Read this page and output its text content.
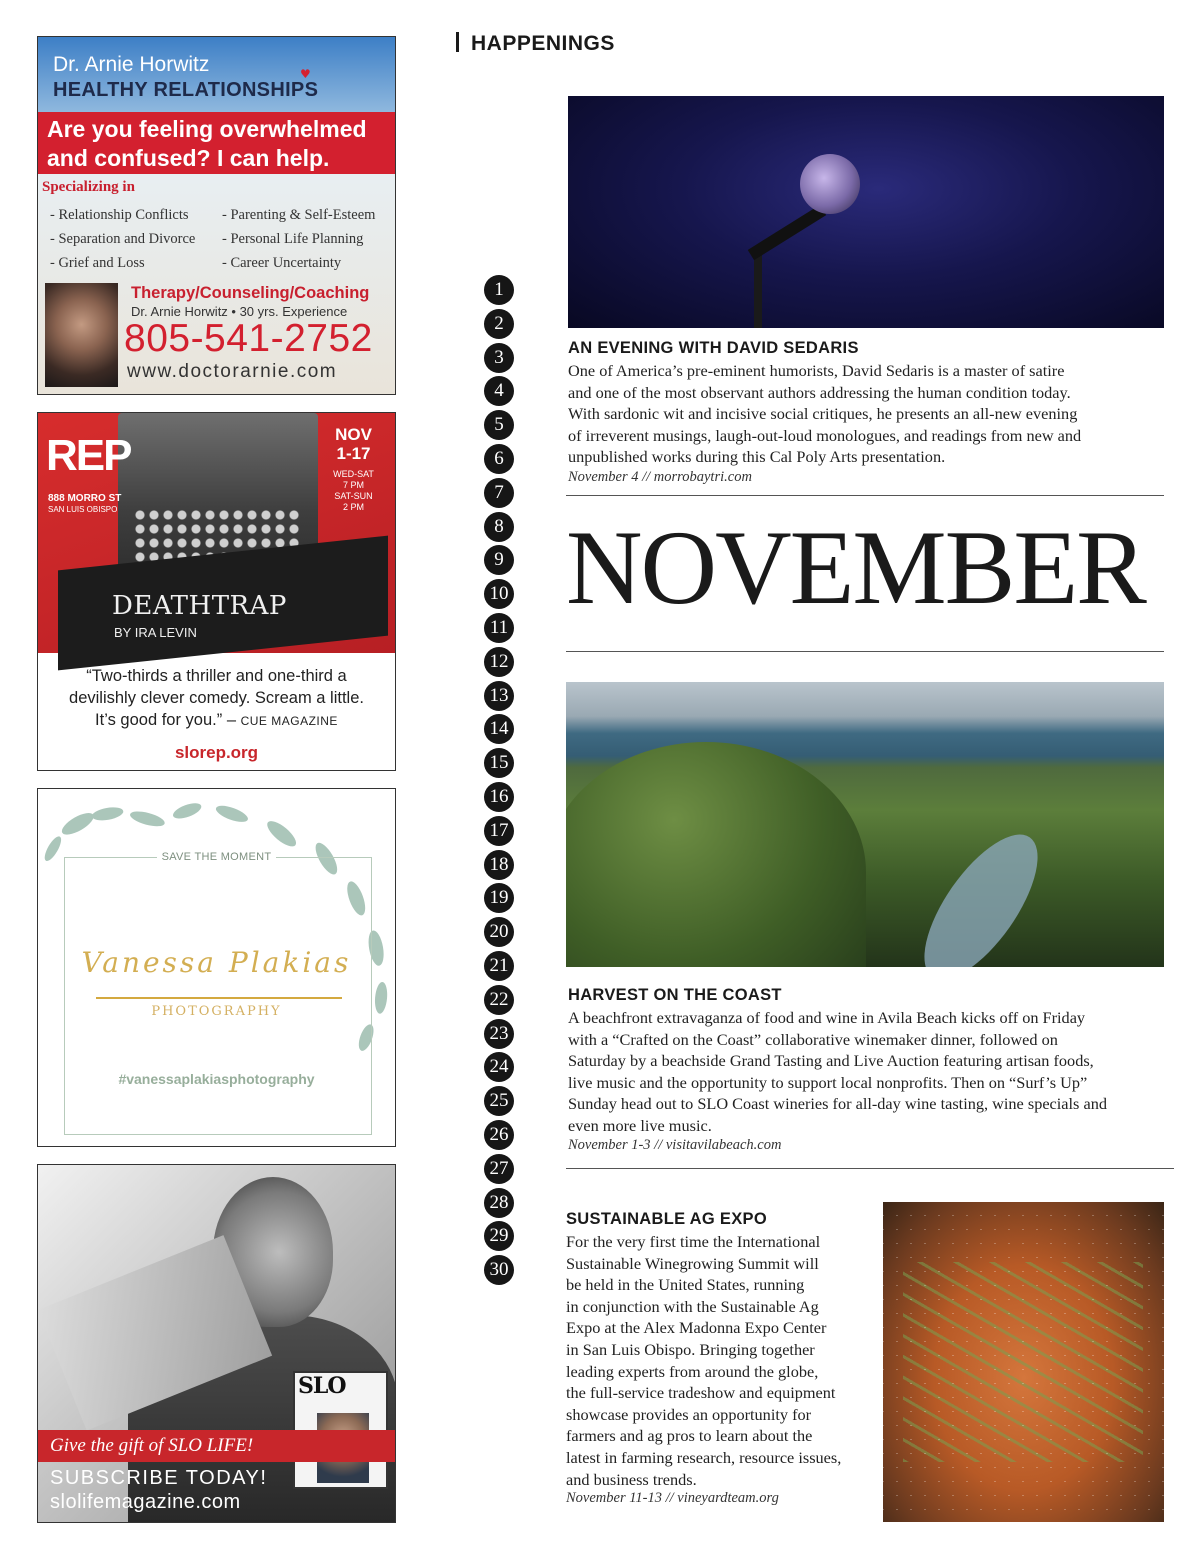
HAPPENINGS
Dr. Arnie Horwitz	♥
HEALTHY RELATIONSHIPS
Are you feeling overwhelmed
and confused? I can help.
Specializing in
- Relationship Conflicts
- Separation and Divorce
- Grief and Loss
- Parenting & Self-Esteem
- Personal Life Planning
- Career Uncertainty
Therapy/Counseling/Coaching
Dr. Arnie Horwitz • 30 yrs. Experience
805-541-2752
www.doctorarnie.com
REP
888 MORRO ST
SAN LUIS OBISPO
NOV
1-17
WED-SAT
7 PM
SAT-SUN
2 PM
DEATHTRAP
BY IRA LEVIN
“Two-thirds a thriller and one-third a
devilishly clever comedy. Scream a little.
It’s good for you.” – CUE MAGAZINE
slorep.org
SAVE THE MOMENT
Vanessa Plakias
PHOTOGRAPHY
#vanessaplakiasphotography
SLO
Give the gift of SLO LIFE!
SUBSCRIBE TODAY!
slolifemagazine.com
1
2
3
4
5
6
7
8
9
10
11
12
13
14
15
16
17
18
19
20
21
22
23
24
25
26
27
28
29
30
AN EVENING WITH DAVID SEDARIS
One of America’s pre-eminent humorists, David Sedaris is a master of satire
and one of the most observant authors addressing the human condition today.
With sardonic wit and incisive social critiques, he presents an all-new evening
of irreverent musings, laugh-out-loud monologues, and readings from new and
unpublished works during this Cal Poly Arts presentation.
November 4 // morrobaytri.com
NOVEMBER
HARVEST ON THE COAST
A beachfront extravaganza of food and wine in Avila Beach kicks off on Friday
with a “Crafted on the Coast” collaborative winemaker dinner, followed on
Saturday by a beachside Grand Tasting and Live Auction featuring artisan foods,
live music and the opportunity to support local nonprofits. Then on “Surf’s Up”
Sunday head out to SLO Coast wineries for all-day wine tasting, wine specials and
even more live music.
November 1-3 // visitavilabeach.com
SUSTAINABLE AG EXPO
For the very first time the International
Sustainable Winegrowing Summit will
be held in the United States, running
in conjunction with the Sustainable Ag
Expo at the Alex Madonna Expo Center
in San Luis Obispo. Bringing together
leading experts from around the globe,
the full-service tradeshow and equipment
showcase provides an opportunity for
farmers and ag pros to learn about the
latest in farming research, resource issues,
and business trends.
November 11-13 // vineyardteam.org
